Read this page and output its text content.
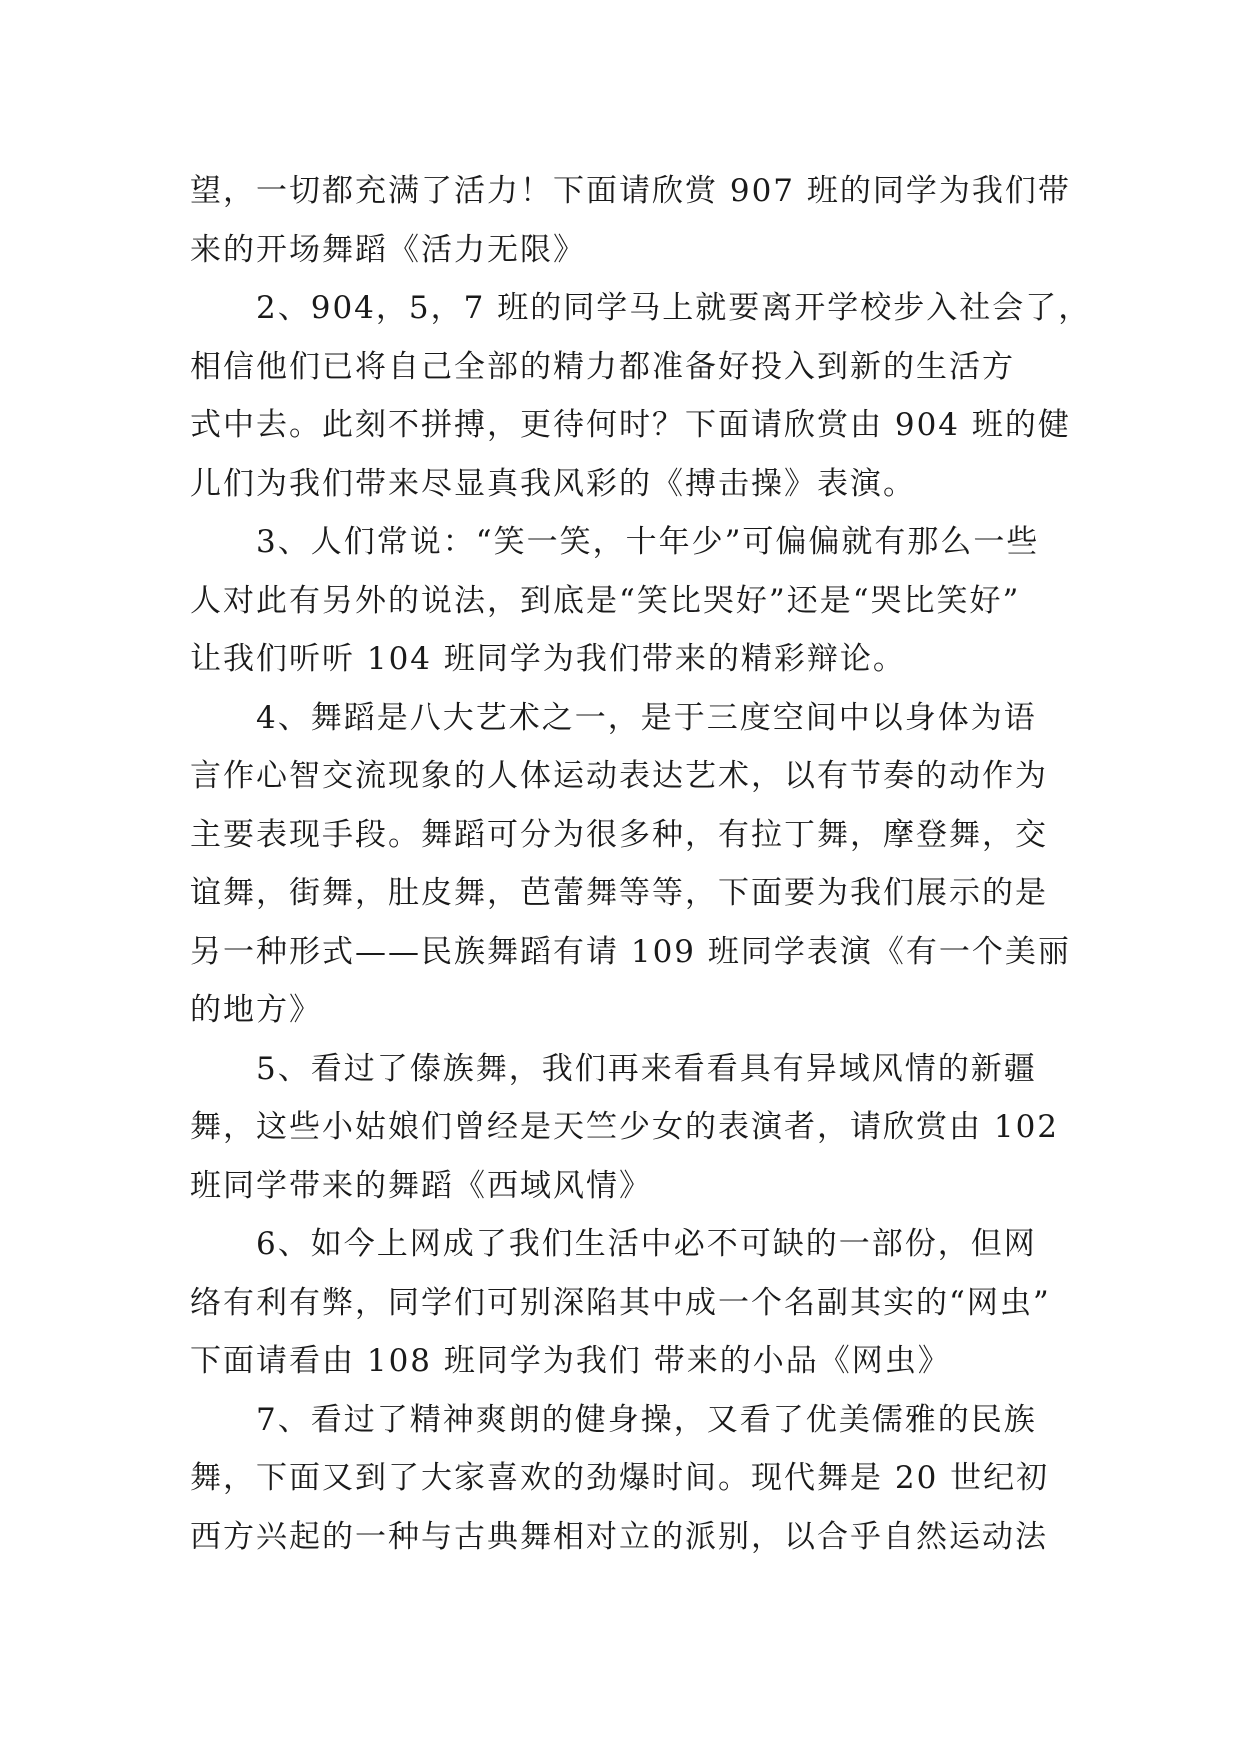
望，一切都充满了活力！下面请欣赏 907 班的同学为我们带
来的开场舞蹈《活力无限》
2、904，5，7 班的同学马上就要离开学校步入社会了，
相信他们已将自己全部的精力都准备好投入到新的生活方
式中去。此刻不拼搏，更待何时？下面请欣赏由 904 班的健
儿们为我们带来尽显真我风彩的《搏击操》表演。
3、人们常说：“笑一笑，十年少”可偏偏就有那么一些
人对此有另外的说法，到底是“笑比哭好”还是“哭比笑好”
让我们听听 104 班同学为我们带来的精彩辩论。
4、舞蹈是八大艺术之一，是于三度空间中以身体为语
言作心智交流现象的人体运动表达艺术，以有节奏的动作为
主要表现手段。舞蹈可分为很多种，有拉丁舞，摩登舞，交
谊舞，街舞，肚皮舞，芭蕾舞等等，下面要为我们展示的是
另一种形式——民族舞蹈有请 109 班同学表演《有一个美丽
的地方》
5、看过了傣族舞，我们再来看看具有异域风情的新疆
舞，这些小姑娘们曾经是天竺少女的表演者，请欣赏由 102
班同学带来的舞蹈《西域风情》
6、如今上网成了我们生活中必不可缺的一部份，但网
络有利有弊，同学们可别深陷其中成一个名副其实的“网虫”
下面请看由 108 班同学为我们 带来的小品《网虫》
7、看过了精神爽朗的健身操，又看了优美儒雅的民族
舞，下面又到了大家喜欢的劲爆时间。现代舞是 20 世纪初
西方兴起的一种与古典舞相对立的派别，以合乎自然运动法
